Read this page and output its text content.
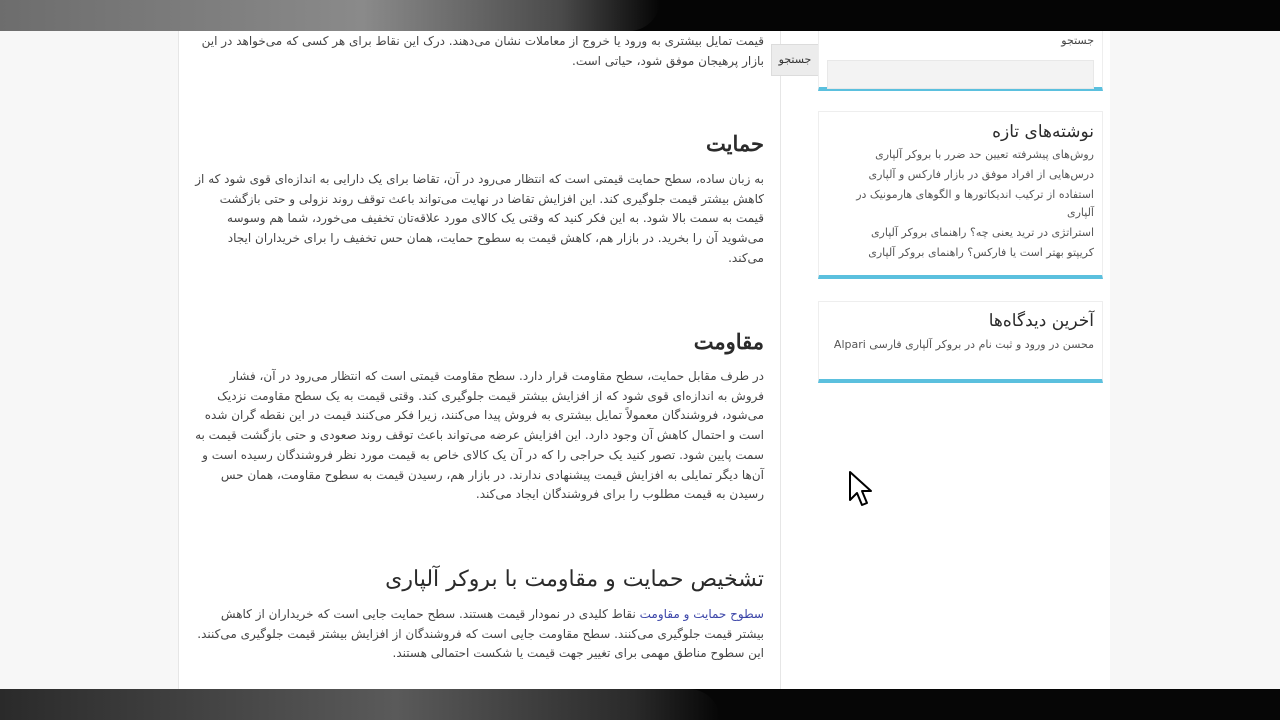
قیمت تمایل بیشتری به ورود یا خروج از معاملات نشان می‌دهند. درک این نقاط برای هر کسی که می‌خواهد در این بازار پرهیجان موفق شود، حیاتی است.

حمایت

به زبان ساده، سطح حمایت قیمتی است که انتظار می‌رود در آن، تقاضا برای یک دارایی به اندازه‌ای قوی شود که از کاهش بیشتر قیمت جلوگیری کند. این افزایش تقاضا در نهایت می‌تواند باعث توقف روند نزولی و حتی بازگشت قیمت به سمت بالا شود. به این فکر کنید که وقتی یک کالای مورد علاقه‌تان تخفیف می‌خورد، شما هم وسوسه می‌شوید آن را بخرید. در بازار هم، کاهش قیمت به سطوح حمایت، همان حس تخفیف را برای خریداران ایجاد می‌کند.

مقاومت

در طرف مقابل حمایت، سطح مقاومت قرار دارد. سطح مقاومت قیمتی است که انتظار می‌رود در آن، فشار فروش به اندازه‌ای قوی شود که از افزایش بیشتر قیمت جلوگیری کند. وقتی قیمت به یک سطح مقاومت نزدیک می‌شود، فروشندگان معمولاً تمایل بیشتری به فروش پیدا می‌کنند، زیرا فکر می‌کنند قیمت در این نقطه گران شده است و احتمال کاهش آن وجود دارد. این افزایش عرضه می‌تواند باعث توقف روند صعودی و حتی بازگشت قیمت به سمت پایین شود. تصور کنید یک حراجی را که در آن یک کالای خاص به قیمت مورد نظر فروشندگان رسیده است و آن‌ها دیگر تمایلی به افزایش قیمت پیشنهادی ندارند. در بازار هم، رسیدن قیمت به سطوح مقاومت، همان حس رسیدن به قیمت مطلوب را برای فروشندگان ایجاد می‌کند.

تشخیص حمایت و مقاومت با بروکر آلپاری

سطوح حمایت و مقاومت نقاط کلیدی در نمودار قیمت هستند. سطح حمایت جایی است که خریداران از کاهش بیشتر قیمت جلوگیری می‌کنند. سطح مقاومت جایی است که فروشندگان از افزایش بیشتر قیمت جلوگیری می‌کنند. این سطوح مناطق مهمی برای تغییر جهت قیمت یا شکست احتمالی هستند.

جستجو
جستجو
نوشته‌های تازه
روش‌های پیشرفته تعیین حد ضرر با بروکر آلپاری
درس‌هایی از افراد موفق در بازار فارکس و آلپاری
استفاده از ترکیب اندیکاتورها و الگوهای هارمونیک در آلپاری
استراتژی در ترید یعنی چه؟ راهنمای بروکر آلپاری
کریپتو بهتر است یا فارکس؟ راهنمای بروکر آلپاری
آخرین دیدگاه‌ها
محسن در ورود و ثبت نام در بروکر آلپاری فارسی Alpari
